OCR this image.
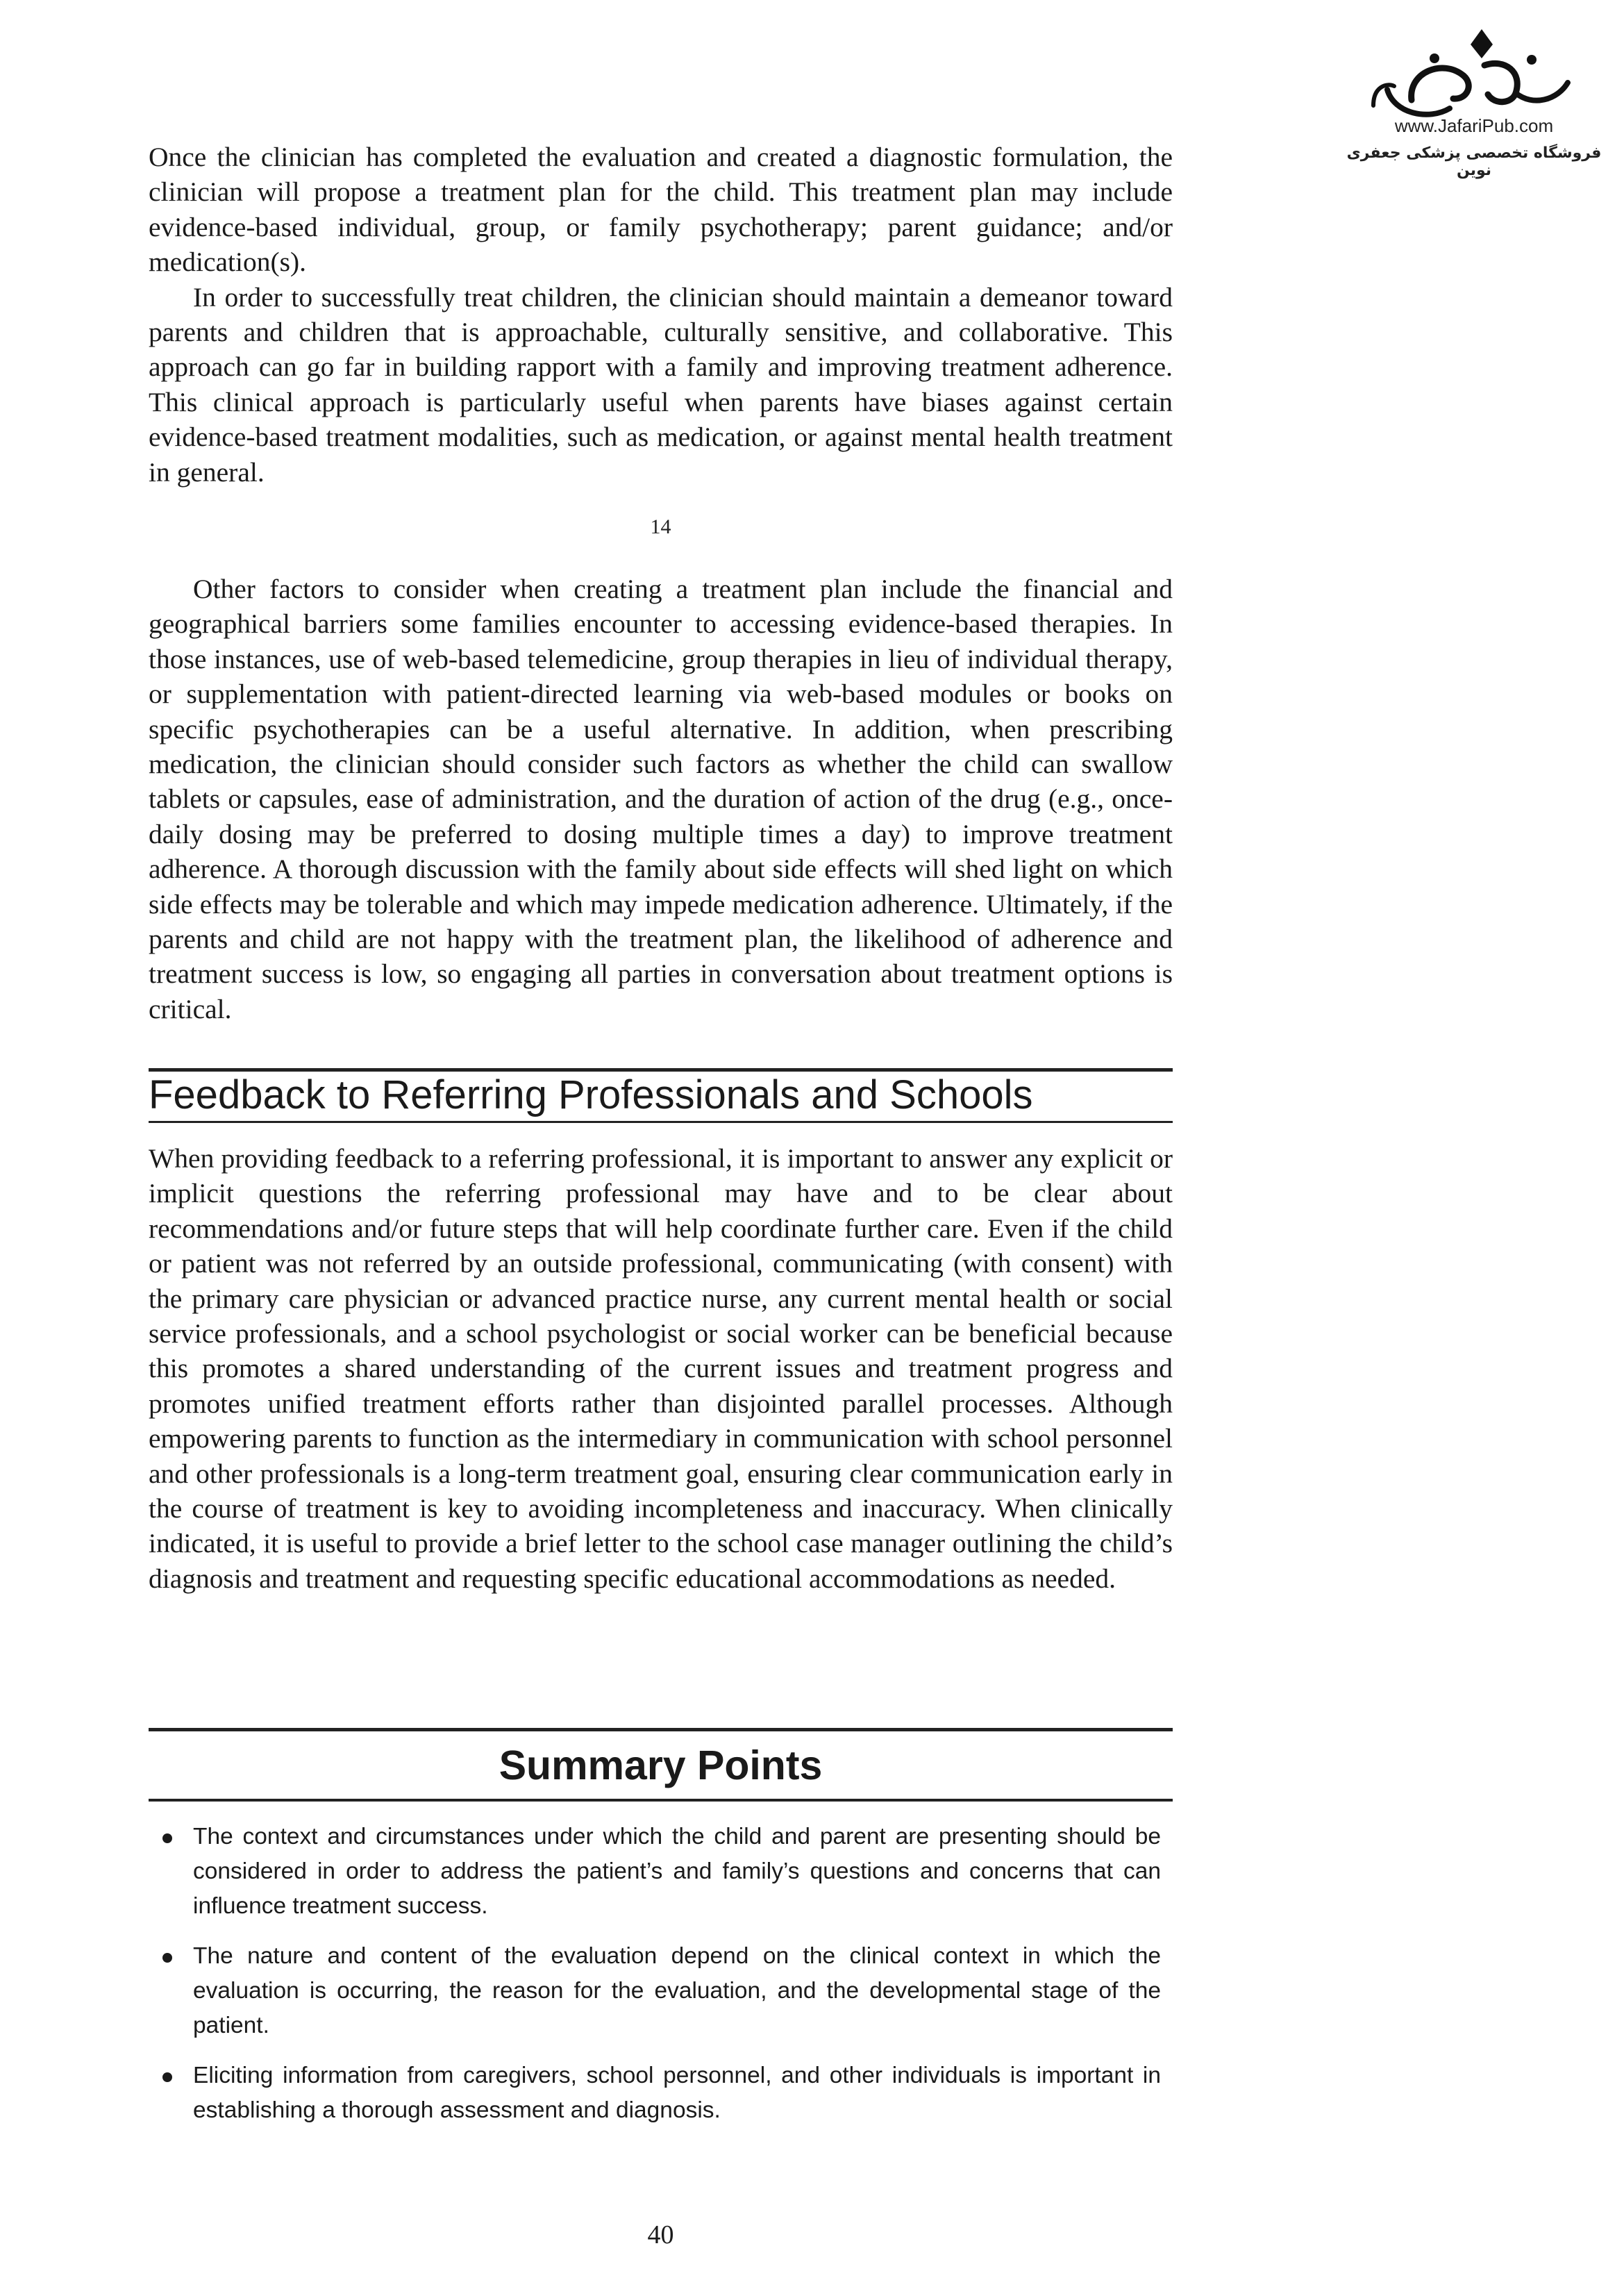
www.JafariPub.com
فروشگاه تخصصی پزشکی جعفری نوین

Once the clinician has completed the evaluation and created a diagnostic formulation, the clinician will propose a treatment plan for the child. This treatment plan may include evidence-based individual, group, or family psychotherapy; parent guidance; and/or medication(s).

In order to successfully treat children, the clinician should maintain a demeanor toward parents and children that is approachable, culturally sensitive, and collaborative. This approach can go far in building rapport with a family and improving treatment adherence. This clinical approach is particularly useful when parents have biases against certain evidence-based treatment modalities, such as medication, or against mental health treatment in general.

14

Other factors to consider when creating a treatment plan include the financial and geographical barriers some families encounter to accessing evidence-based therapies. In those instances, use of web-based telemedicine, group therapies in lieu of individual therapy, or supplementation with patient-directed learning via web-based modules or books on specific psychotherapies can be a useful alternative. In addition, when prescribing medication, the clinician should consider such factors as whether the child can swallow tablets or capsules, ease of administration, and the duration of action of the drug (e.g., once-daily dosing may be preferred to dosing multiple times a day) to improve treatment adherence. A thorough discussion with the family about side effects will shed light on which side effects may be tolerable and which may impede medication adherence. Ultimately, if the parents and child are not happy with the treatment plan, the likelihood of adherence and treatment success is low, so engaging all parties in conversation about treatment options is critical.

Feedback to Referring Professionals and Schools

When providing feedback to a referring professional, it is important to answer any explicit or implicit questions the referring professional may have and to be clear about recommendations and/or future steps that will help coordinate further care. Even if the child or patient was not referred by an outside professional, communicating (with consent) with the primary care physician or advanced practice nurse, any current mental health or social service professionals, and a school psychologist or social worker can be beneficial because this promotes a shared understanding of the current issues and treatment progress and promotes unified treatment efforts rather than disjointed parallel processes. Although empowering parents to function as the intermediary in communication with school personnel and other professionals is a long-term treatment goal, ensuring clear communication early in the course of treatment is key to avoiding incompleteness and inaccuracy. When clinically indicated, it is useful to provide a brief letter to the school case manager outlining the child’s diagnosis and treatment and requesting specific educational accommodations as needed.

Summary Points
The context and circumstances under which the child and parent are presenting should be considered in order to address the patient’s and family’s questions and concerns that can influence treatment success.
The nature and content of the evaluation depend on the clinical context in which the evaluation is occurring, the reason for the evaluation, and the developmental stage of the patient.
Eliciting information from caregivers, school personnel, and other individuals is important in establishing a thorough assessment and diagnosis.
40
